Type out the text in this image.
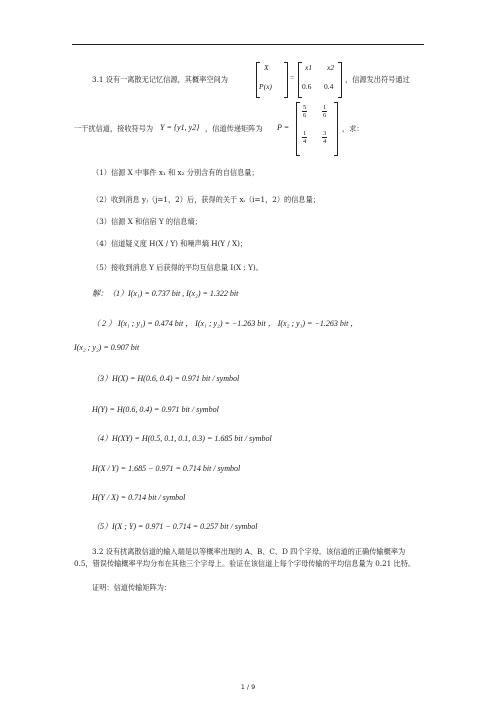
3.1 设有一离散无记忆信源，其概率空间为
X
P(x)
=
x1 x2
0.6 0.4
，信源发出符号通过
一干扰信道，接收符号为 Y = {y1, y2} ，信道传递矩阵为 P =
$\frac{5}{6} \frac{1}{6}$
$\frac{1}{4} \frac{3}{4}$
，求：
（1）信源 X 中事件 x₁ 和 x₂ 分别含有的自信息量；
（2）收到消息 yⱼ（j=1，2）后，获得的关于 xᵢ（i=1，2）的信息量；
（3）信源 X 和信宿 Y 的信息熵；
（4）信道疑义度 H(X / Y) 和噪声熵 H(Y / X)；
（5）接收到消息 Y 后获得的平均互信息量 I(X ; Y)。
解：（1）I(x₁) = 0.737 bit , I(x₂) = 1.322 bit
（ 2 ） I(x₁ ; y₁) = 0.474 bit ， I(x₁ ; y₂) = −1.263 bit ， I(x₂ ; y₁) = −1.263 bit ，
I(x₂ ; y₂) = 0.907 bit
（3）H(X) = H(0.6, 0.4) = 0.971 bit / symbol
H(Y) = H(0.6, 0.4) = 0.971 bit / symbol
（4）H(XY) = H(0.5, 0.1, 0.1, 0.3) = 1.685 bit / symbol
H(X / Y) = 1.685 − 0.971 = 0.714 bit / symbol
H(Y / X) = 0.714 bit / symbol
（5）I(X ; Y) = 0.971 − 0.714 = 0.257 bit / symbol
3.2 设有扰离散信道的输入端是以等概率出现的 A、B、C、D 四个字母。该信道的正确传输概率为 0.5，错误传输概率平均分布在其他三个字母上。验证在该信道上每个字母传输的平均信息量为 0.21 比特。
证明：信道传输矩阵为：
1 / 9
